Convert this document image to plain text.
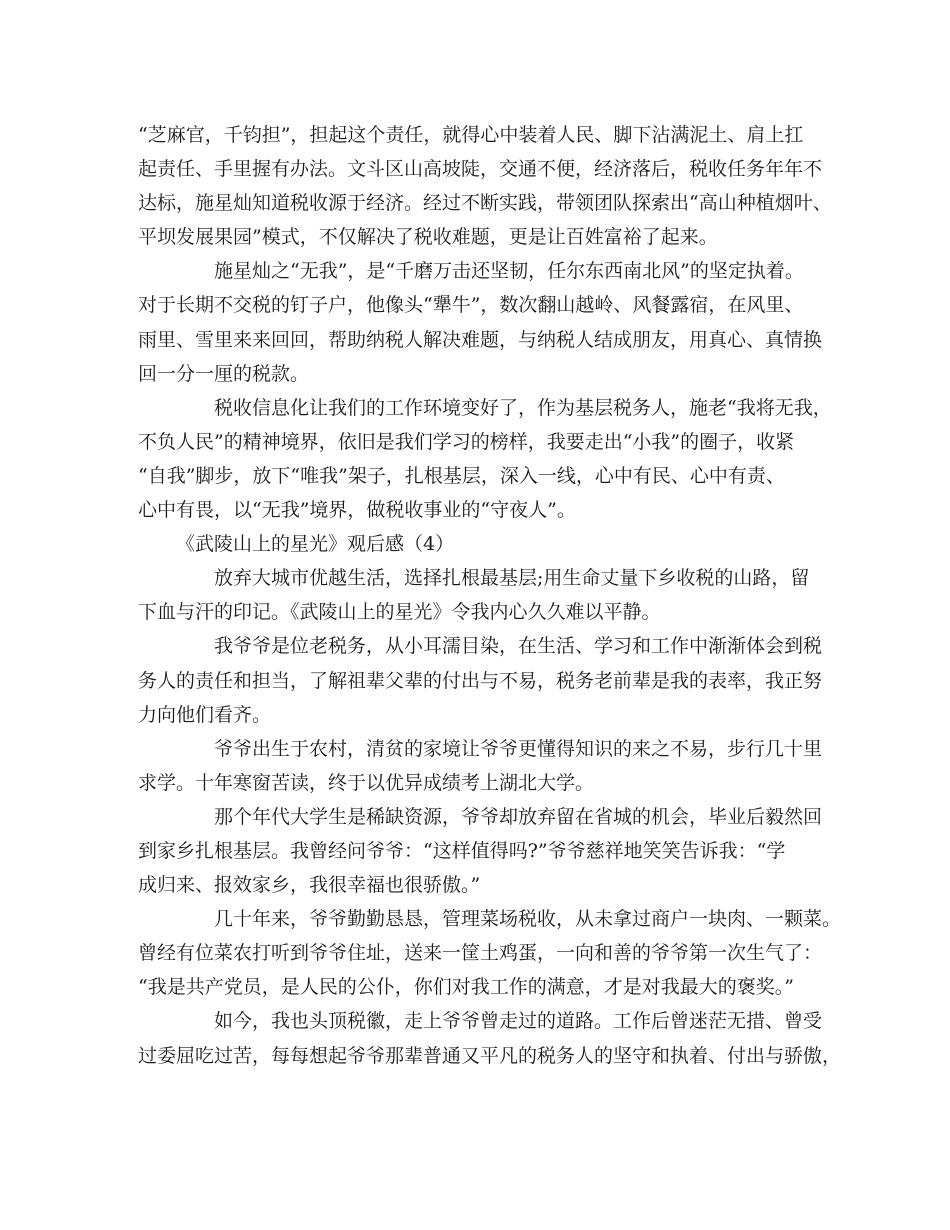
“芝麻官，千钧担”，担起这个责任，就得心中装着人民、脚下沾满泥土、肩上扛
起责任、手里握有办法。文斗区山高坡陡，交通不便，经济落后，税收任务年年不
达标，施星灿知道税收源于经济。经过不断实践，带领团队探索出“高山种植烟叶、
平坝发展果园”模式，不仅解决了税收难题，更是让百姓富裕了起来。
施星灿之“无我”，是“千磨万击还坚韧，任尔东西南北风”的坚定执着。
对于长期不交税的钉子户，他像头“犟牛”，数次翻山越岭、风餐露宿，在风里、
雨里、雪里来来回回，帮助纳税人解决难题，与纳税人结成朋友，用真心、真情换
回一分一厘的税款。
税收信息化让我们的工作环境变好了，作为基层税务人，施老“我将无我，
不负人民”的精神境界，依旧是我们学习的榜样，我要走出“小我”的圈子，收紧
“自我”脚步，放下“唯我”架子，扎根基层，深入一线，心中有民、心中有责、
心中有畏，以“无我”境界，做税收事业的“守夜人”。
《武陵山上的星光》观后感（4）
放弃大城市优越生活，选择扎根最基层;用生命丈量下乡收税的山路，留
下血与汗的印记。《武陵山上的星光》令我内心久久难以平静。
我爷爷是位老税务，从小耳濡目染，在生活、学习和工作中渐渐体会到税
务人的责任和担当，了解祖辈父辈的付出与不易，税务老前辈是我的表率，我正努
力向他们看齐。
爷爷出生于农村，清贫的家境让爷爷更懂得知识的来之不易，步行几十里
求学。十年寒窗苦读，终于以优异成绩考上湖北大学。
那个年代大学生是稀缺资源，爷爷却放弃留在省城的机会，毕业后毅然回
到家乡扎根基层。我曾经问爷爷：“这样值得吗?”爷爷慈祥地笑笑告诉我：“学
成归来、报效家乡，我很幸福也很骄傲。”
几十年来，爷爷勤勤恳恳，管理菜场税收，从未拿过商户一块肉、一颗菜。
曾经有位菜农打听到爷爷住址，送来一筐土鸡蛋，一向和善的爷爷第一次生气了：
“我是共产党员，是人民的公仆，你们对我工作的满意，才是对我最大的褒奖。”
如今，我也头顶税徽，走上爷爷曾走过的道路。工作后曾迷茫无措、曾受
过委屈吃过苦，每每想起爷爷那辈普通又平凡的税务人的坚守和执着、付出与骄傲，
